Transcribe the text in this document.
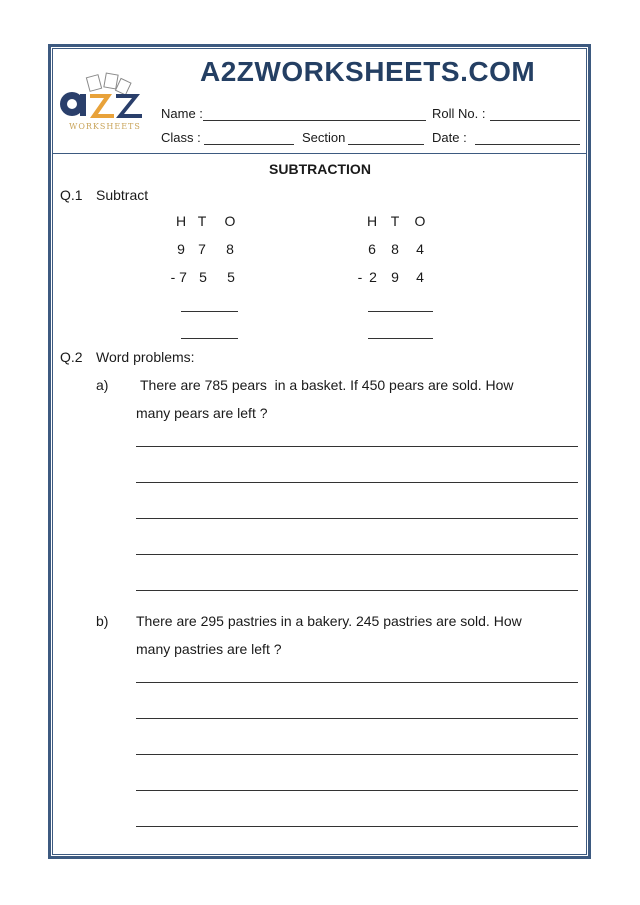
WORKSHEETS
A2ZWORKSHEETS.COM
Name :	Roll No. :
Class :	Section	Date :
SUBTRACTION
Q.1 Subtract
H T O
9 7 8
- 7 5 5
H T O
6 8 4
- 2 9 4
Q.2 Word problems:
a) There are 785 pears  in a basket. If 450 pears are sold. How
many pears are left ?
b) There are 295 pastries in a bakery. 245 pastries are sold. How
many pastries are left ?
